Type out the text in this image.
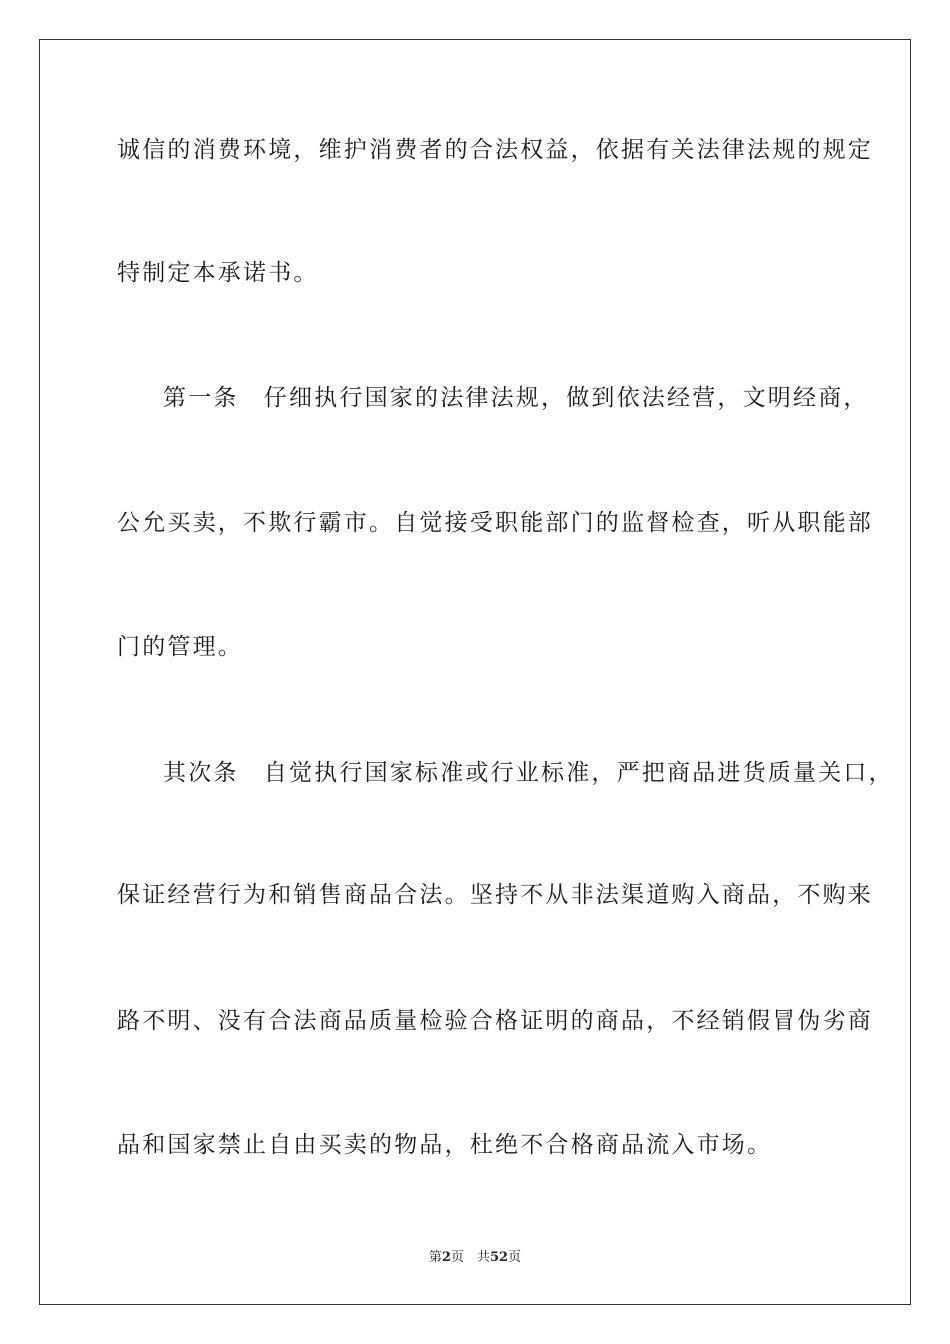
诚信的消费环境，维护消费者的合法权益，依据有关法律法规的规定
特制定本承诺书。
第一条　仔细执行国家的法律法规，做到依法经营，文明经商，
公允买卖，不欺行霸市。自觉接受职能部门的监督检查，听从职能部
门的管理。
其次条　自觉执行国家标准或行业标准，严把商品进货质量关口，
保证经营行为和销售商品合法。坚持不从非法渠道购入商品，不购来
路不明、没有合法商品质量检验合格证明的商品，不经销假冒伪劣商
品和国家禁止自由买卖的物品，杜绝不合格商品流入市场。
第2页　共52页
